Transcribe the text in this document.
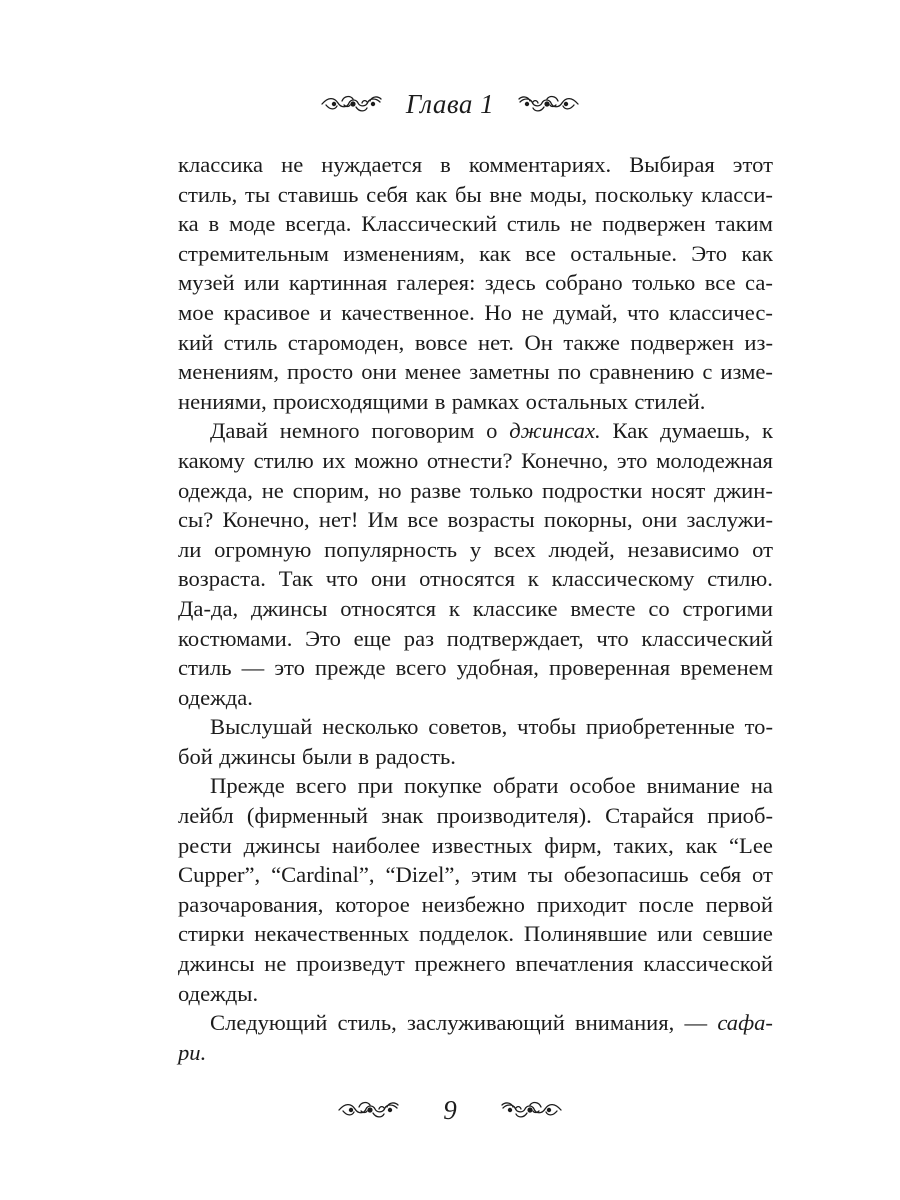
Глава 1
классика не нуждается в комментариях. Выбирая этот
стиль, ты ставишь себя как бы вне моды, поскольку класси-
ка в моде всегда. Классический стиль не подвержен таким
стремительным изменениям, как все остальные. Это как
музей или картинная галерея: здесь собрано только все са-
мое красивое и качественное. Но не думай, что классичес-
кий стиль старомоден, вовсе нет. Он также подвержен из-
менениям, просто они менее заметны по сравнению с изме-
нениями, происходящими в рамках остальных стилей.
Давай немного поговорим о джинсах. Как думаешь, к
какому стилю их можно отнести? Конечно, это молодежная
одежда, не спорим, но разве только подростки носят джин-
сы? Конечно, нет! Им все возрасты покорны, они заслужи-
ли огромную популярность у всех людей, независимо от
возраста. Так что они относятся к классическому стилю.
Да-да, джинсы относятся к классике вместе со строгими
костюмами. Это еще раз подтверждает, что классический
стиль — это прежде всего удобная, проверенная временем
одежда.
Выслушай несколько советов, чтобы приобретенные то-
бой джинсы были в радость.
Прежде всего при покупке обрати особое внимание на
лейбл (фирменный знак производителя). Старайся приоб-
рести джинсы наиболее известных фирм, таких, как “Lee
Cupper”, “Cardinal”, “Dizel”, этим ты обезопасишь себя от
разочарования, которое неизбежно приходит после первой
стирки некачественных подделок. Полинявшие или севшие
джинсы не произведут прежнего впечатления классической
одежды.
Следующий стиль, заслуживающий внимания, — сафа-
ри.
9
